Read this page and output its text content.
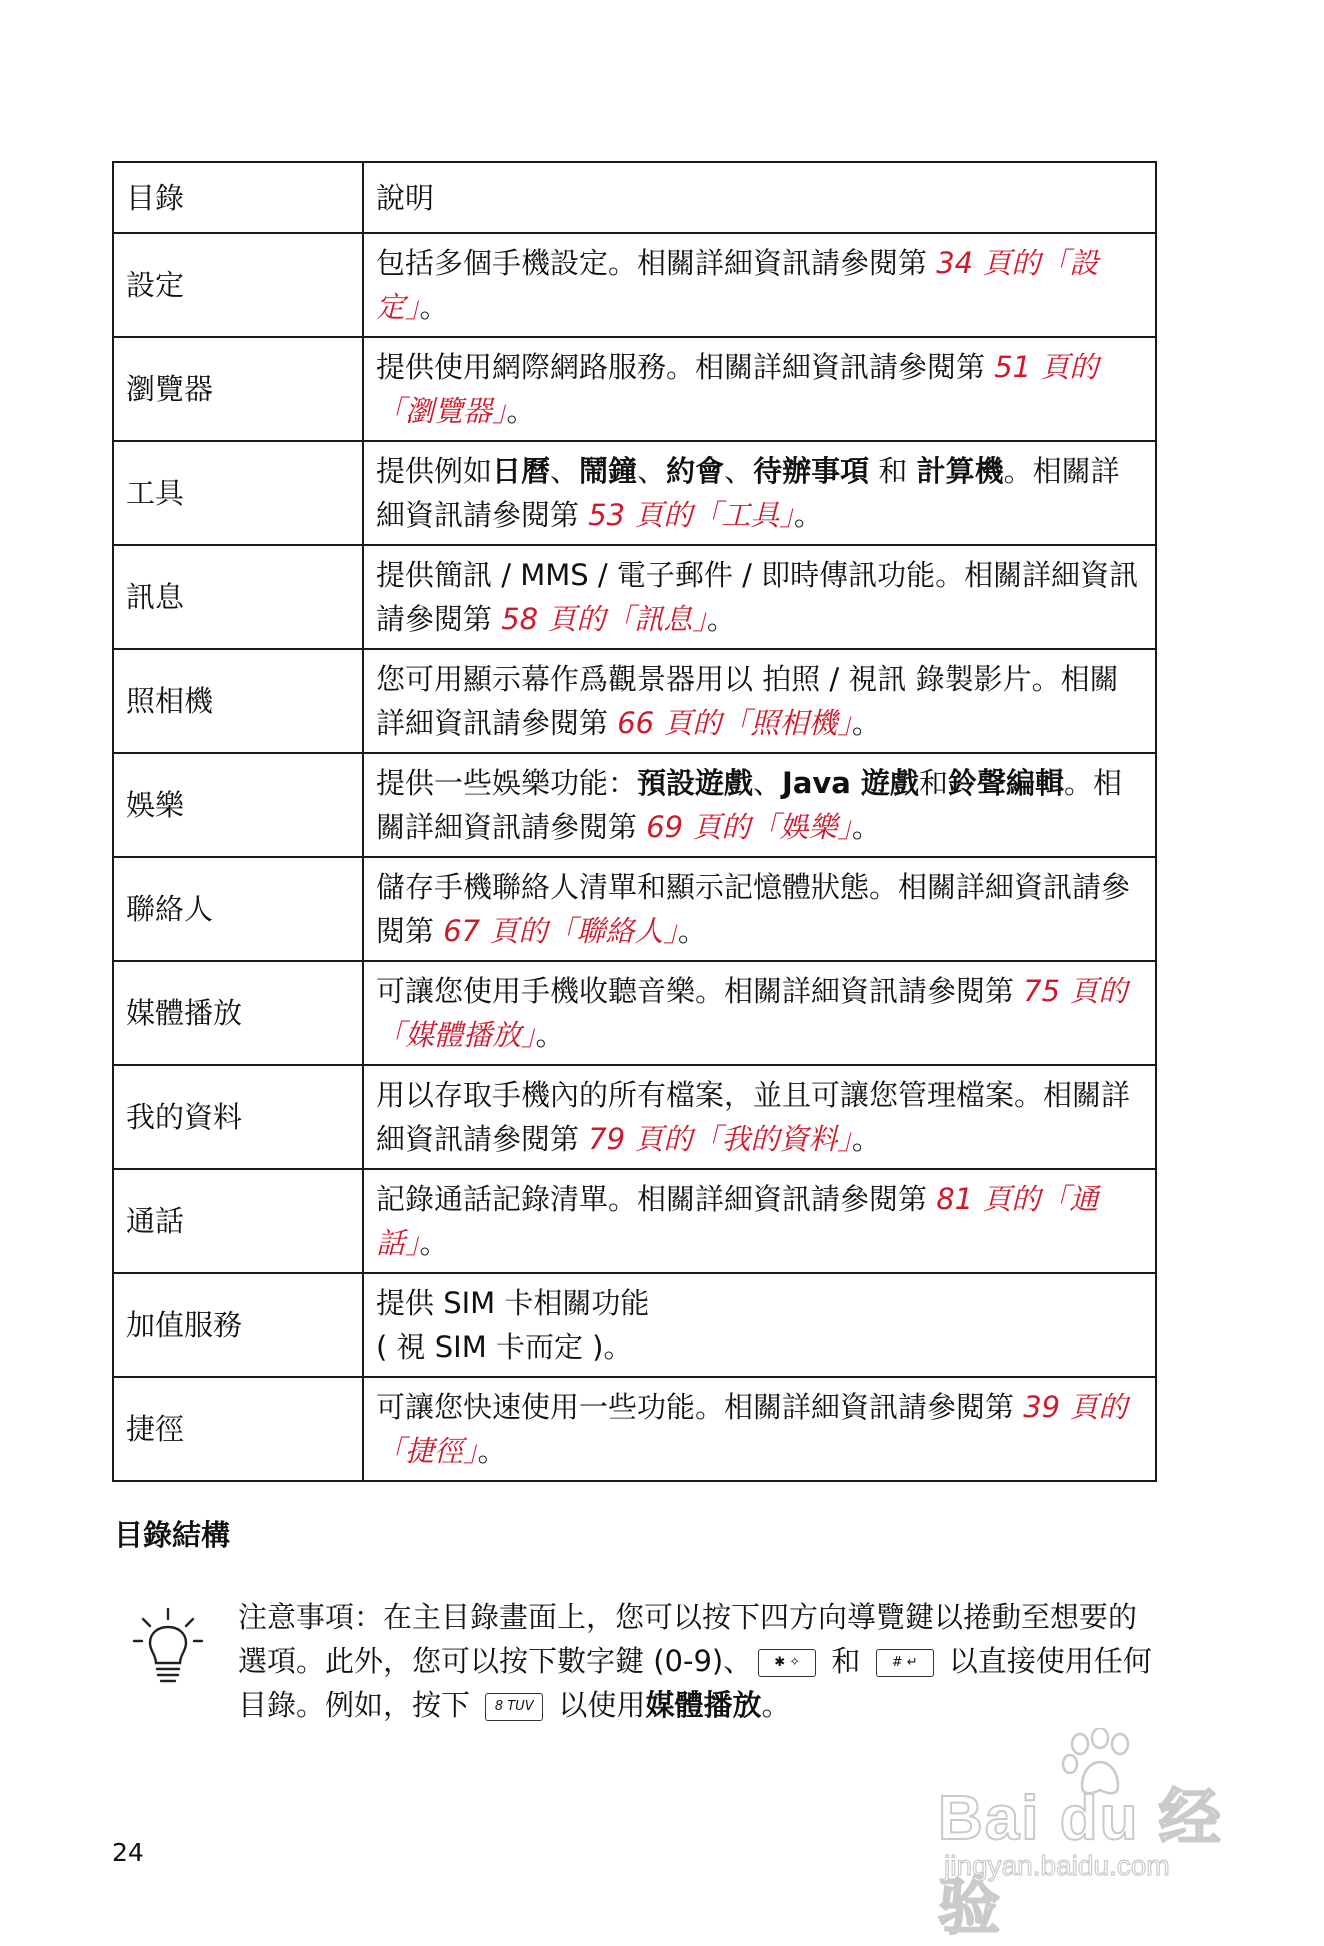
目錄	說明
設定	包括多個手機設定。相關詳細資訊請參閱第 34 頁的「設定」。
瀏覽器	提供使用網際網路服務。相關詳細資訊請參閱第 51 頁的「瀏覽器」。
工具	提供例如日曆、鬧鐘、約會、待辦事項 和 計算機。相關詳細資訊請參閱第 53 頁的「工具」。
訊息	提供簡訊 / MMS / 電子郵件 / 即時傳訊功能。相關詳細資訊請參閱第 58 頁的「訊息」。
照相機	您可用顯示幕作爲觀景器用以 拍照 / 視訊 錄製影片。相關詳細資訊請參閱第 66 頁的「照相機」。
娛樂	提供一些娛樂功能：預設遊戲、Java 遊戲和鈴聲編輯。相關詳細資訊請參閱第 69 頁的「娛樂」。
聯絡人	儲存手機聯絡人清單和顯示記憶體狀態。相關詳細資訊請參閱第 67 頁的「聯絡人」。
媒體播放	可讓您使用手機收聽音樂。相關詳細資訊請參閱第 75 頁的「媒體播放」。
我的資料	用以存取手機內的所有檔案，並且可讓您管理檔案。相關詳細資訊請參閱第 79 頁的「我的資料」。
通話	記錄通話記錄清單。相關詳細資訊請參閱第 81 頁的「通話」。
加值服務	提供 SIM 卡相關功能
( 視 SIM 卡而定 )。
捷徑	可讓您快速使用一些功能。相關詳細資訊請參閱第 39 頁的「捷徑」。
目錄結構
注意事項：在主目錄畫面上，您可以按下四方向導覽鍵以捲動至想要的選項。此外，您可以按下數字鍵 (0-9)、 ✱ ✧ 和 # ↵ 以直接使用任何目錄。例如，按下 8 TUV 以使用媒體播放。
24	Bai du 经验
jingyan.baidu.com
